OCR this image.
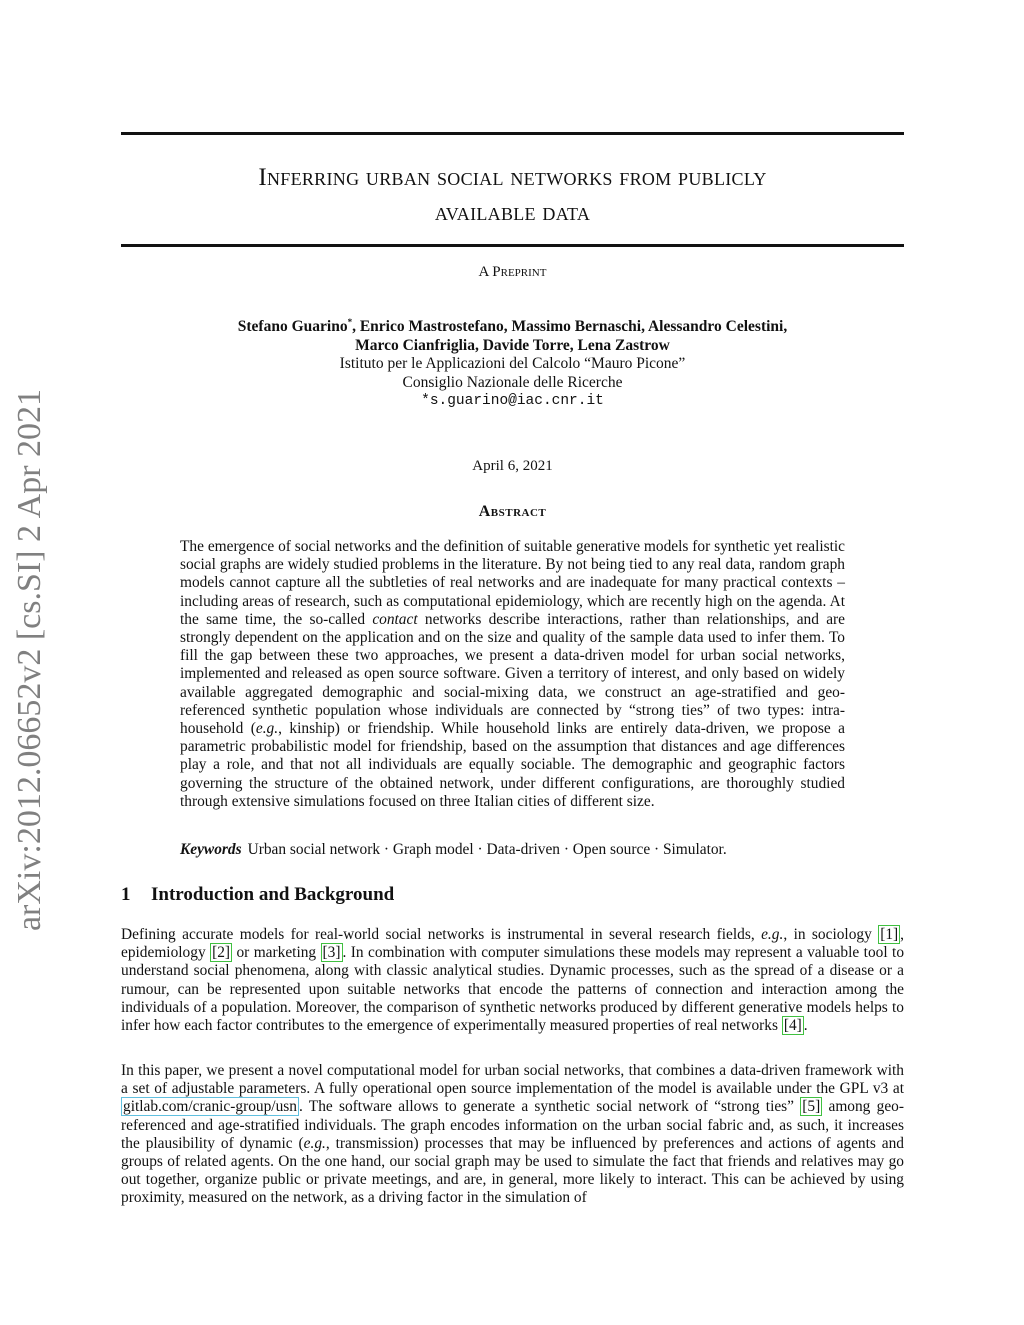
arXiv:2012.06652v2 [cs.SI] 2 Apr 2021
Inferring urban social networks from publicly
available data
A Preprint
Stefano Guarino*, Enrico Mastrostefano, Massimo Bernaschi, Alessandro Celestini,
Marco Cianfriglia, Davide Torre, Lena Zastrow
Istituto per le Applicazioni del Calcolo “Mauro Picone”
Consiglio Nazionale delle Ricerche
*s.guarino@iac.cnr.it
April 6, 2021
Abstract
The emergence of social networks and the definition of suitable generative models for synthetic yet realistic social graphs are widely studied problems in the literature. By not being tied to any real data, random graph models cannot capture all the subtleties of real networks and are inadequate for many practical contexts – including areas of research, such as computational epidemiology, which are recently high on the agenda. At the same time, the so-called contact networks describe interactions, rather than relationships, and are strongly dependent on the application and on the size and quality of the sample data used to infer them. To fill the gap between these two approaches, we present a data-driven model for urban social networks, implemented and released as open source software. Given a territory of interest, and only based on widely available aggregated demographic and social-mixing data, we construct an age-stratified and geo-referenced synthetic population whose individuals are connected by “strong ties” of two types: intra-household (e.g., kinship) or friendship. While household links are entirely data-driven, we propose a parametric probabilistic model for friendship, based on the assumption that distances and age differences play a role, and that not all individuals are equally sociable. The demographic and geographic factors governing the structure of the obtained network, under different configurations, are thoroughly studied through extensive simulations focused on three Italian cities of different size.
Keywords Urban social network · Graph model · Data-driven · Open source · Simulator.
1 Introduction and Background
Defining accurate models for real-world social networks is instrumental in several research fields, e.g., in sociology [1] , epidemiology [2] or marketing [3] . In combination with computer simulations these models may represent a valuable tool to understand social phenomena, along with classic analytical studies. Dynamic processes, such as the spread of a disease or a rumour, can be represented upon suitable networks that encode the patterns of connection and interaction among the individuals of a population. Moreover, the comparison of synthetic networks produced by different generative models helps to infer how each factor contributes to the emergence of experimentally measured properties of real networks [4] .
In this paper, we present a novel computational model for urban social networks, that combines a data-driven framework with a set of adjustable parameters. A fully operational open source implementation of the model is available under the GPL v3 at gitlab.com/cranic-group/usn . The software allows to generate a synthetic social network of “strong ties” [5] among geo-referenced and age-stratified individuals. The graph encodes information on the urban social fabric and, as such, it increases the plausibility of dynamic (e.g., transmission) processes that may be influenced by preferences and actions of agents and groups of related agents. On the one hand, our social graph may be used to simulate the fact that friends and relatives may go out together, organize public or private meetings, and are, in general, more likely to interact. This can be achieved by using proximity, measured on the network, as a driving factor in the simulation of
